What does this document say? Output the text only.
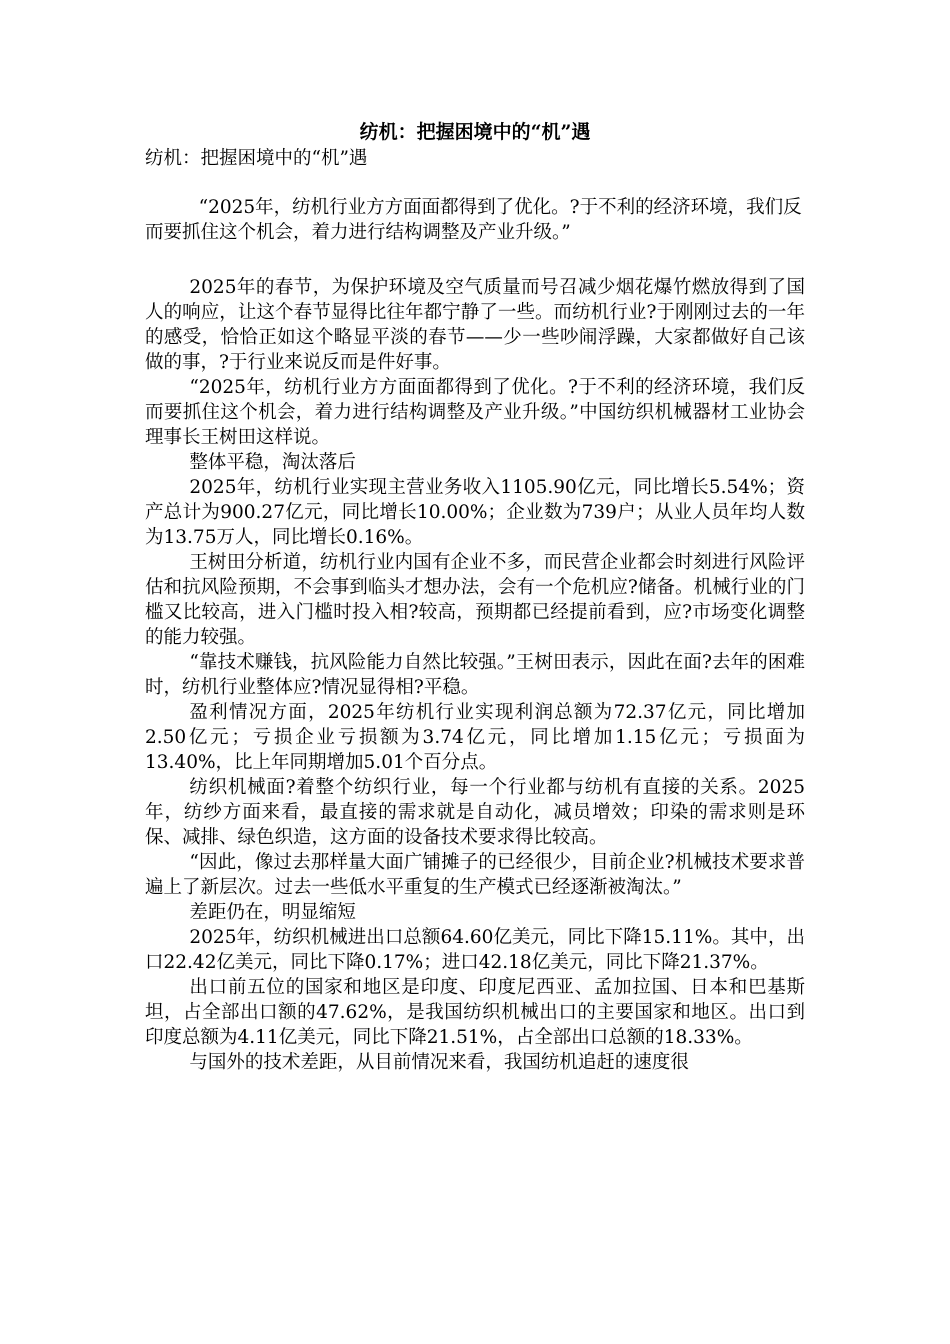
纺机：把握困境中的“机”遇

纺机：把握困境中的“机”遇

“2025年，纺机行业方方面面都得到了优化。?于不利的经济环境，我们反而要抓住这个机会，着力进行结构调整及产业升级。”

2025年的春节，为保护环境及空气质量而号召减少烟花爆竹燃放得到了国人的响应，让这个春节显得比往年都宁静了一些。而纺机行业?于刚刚过去的一年的感受，恰恰正如这个略显平淡的春节——少一些吵闹浮躁，大家都做好自己该做的事，?于行业来说反而是件好事。

“2025年，纺机行业方方面面都得到了优化。?于不利的经济环境，我们反而要抓住这个机会，着力进行结构调整及产业升级。”中国纺织机械器材工业协会理事长王树田这样说。

整体平稳，淘汰落后

2025年，纺机行业实现主营业务收入1105.90亿元，同比增长5.54%；资产总计为900.27亿元，同比增长10.00%；企业数为739户；从业人员年均人数为13.75万人，同比增长0.16%。

王树田分析道，纺机行业内国有企业不多，而民营企业都会时刻进行风险评估和抗风险预期，不会事到临头才想办法，会有一个危机应?储备。机械行业的门槛又比较高，进入门槛时投入相?较高，预期都已经提前看到，应?市场变化调整的能力较强。

“靠技术赚钱，抗风险能力自然比较强。”王树田表示，因此在面?去年的困难时，纺机行业整体应?情况显得相?平稳。

盈利情况方面，2025年纺机行业实现利润总额为72.37亿元，同比增加2.50亿元；亏损企业亏损额为3.74亿元，同比增加1.15亿元；亏损面为13.40%，比上年同期增加5.01个百分点。

纺织机械面?着整个纺织行业，每一个行业都与纺机有直接的关系。2025年，纺纱方面来看，最直接的需求就是自动化，减员增效；印染的需求则是环保、减排、绿色织造，这方面的设备技术要求得比较高。

“因此，像过去那样量大面广铺摊子的已经很少，目前企业?机械技术要求普遍上了新层次。过去一些低水平重复的生产模式已经逐渐被淘汰。”

差距仍在，明显缩短

2025年，纺织机械进出口总额64.60亿美元，同比下降15.11%。其中，出口22.42亿美元，同比下降0.17%；进口42.18亿美元，同比下降21.37%。

出口前五位的国家和地区是印度、印度尼西亚、孟加拉国、日本和巴基斯坦，占全部出口额的47.62%，是我国纺织机械出口的主要国家和地区。出口到印度总额为4.11亿美元，同比下降21.51%，占全部出口总额的18.33%。

与国外的技术差距，从目前情况来看，我国纺机追赶的速度很
